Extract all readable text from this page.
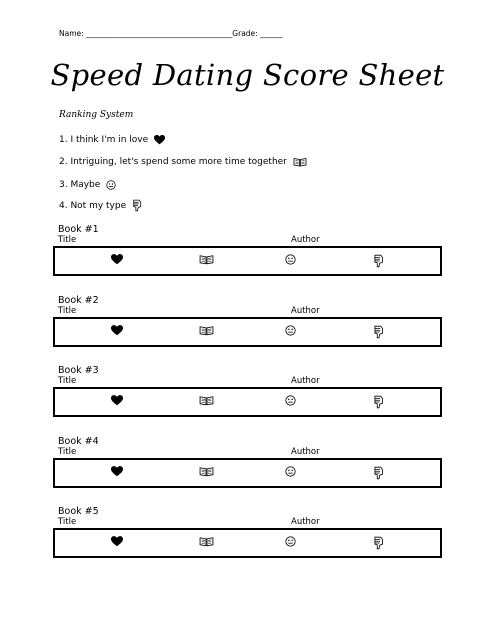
Name: _______________________________________Grade: ______
Speed Dating Score Sheet
Ranking System
1. I think I'm in love
2. Intriguing, let's spend some more time together
3. Maybe
4. Not my type
Book #1
Title	Author
Book #2
Title	Author
Book #3
Title	Author
Book #4
Title	Author
Book #5
Title	Author
